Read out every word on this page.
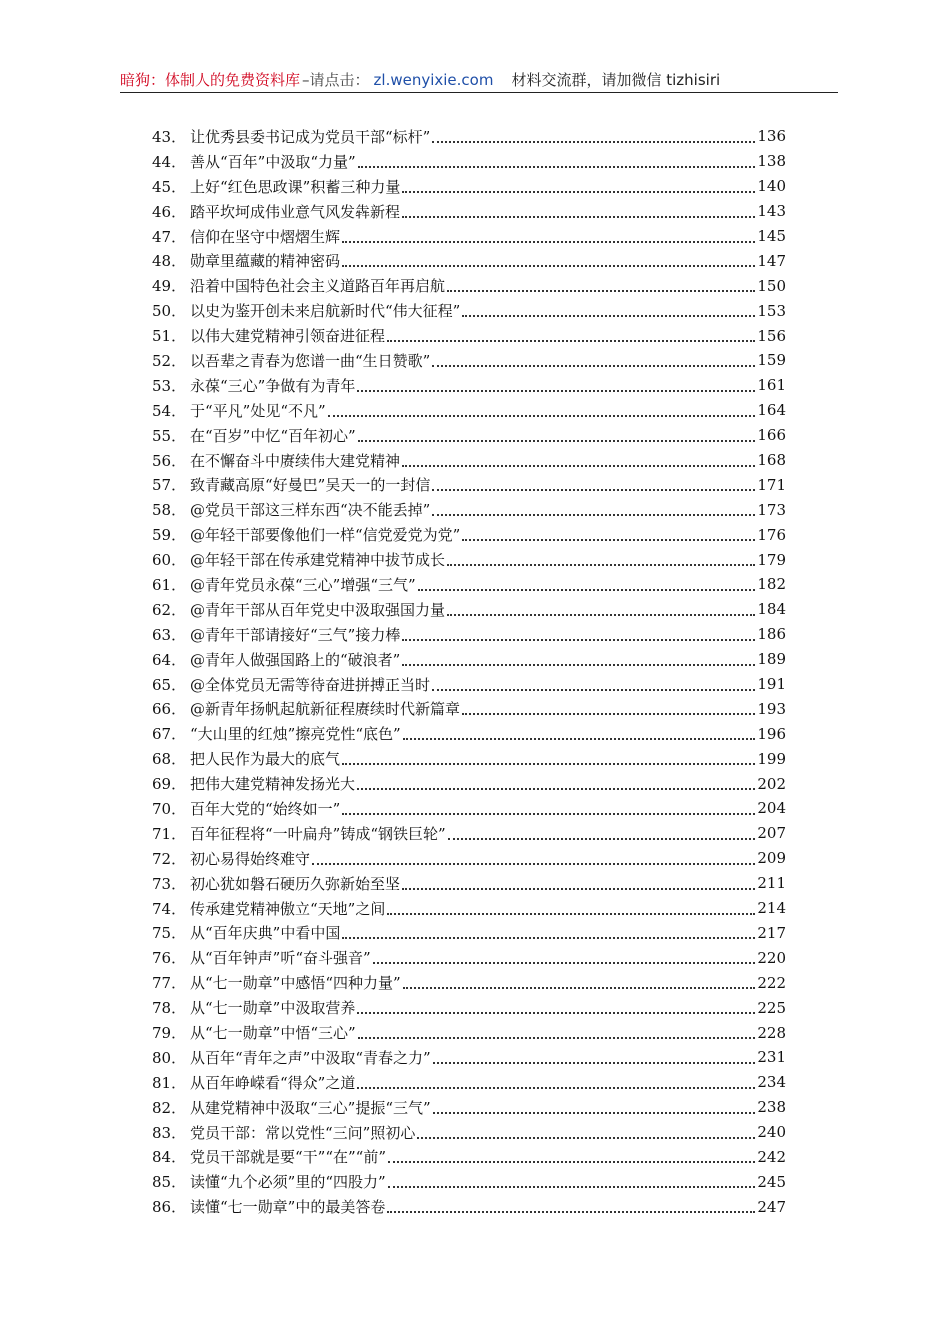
暗狗：体制人的免费资料库 –请点击： zl.wenyixie.com 材料交流群，请加微信 tizhisiri
43． 让优秀县委书记成为党员干部“标杆”	136
44． 善从“百年”中汲取“力量”	138
45． 上好“红色思政课”积蓄三种力量	140
46． 踏平坎坷成伟业意气风发犇新程	143
47． 信仰在坚守中熠熠生辉	145
48． 勋章里蕴藏的精神密码	147
49． 沿着中国特色社会主义道路百年再启航	150
50． 以史为鉴开创未来启航新时代“伟大征程”	153
51． 以伟大建党精神引领奋进征程	156
52． 以吾辈之青春为您谱一曲“生日赞歌”	159
53． 永葆“三心”争做有为青年	161
54． 于“平凡”处见“不凡”	164
55． 在“百岁”中忆“百年初心”	166
56． 在不懈奋斗中赓续伟大建党精神	168
57． 致青藏高原“好曼巴”吴天一的一封信	171
58． @党员干部这三样东西“决不能丢掉”	173
59． @年轻干部要像他们一样“信党爱党为党”	176
60． @年轻干部在传承建党精神中拔节成长	179
61． @青年党员永葆“三心”增强“三气”	182
62． @青年干部从百年党史中汲取强国力量	184
63． @青年干部请接好“三气”接力棒	186
64． @青年人做强国路上的“破浪者”	189
65． @全体党员无需等待奋进拼搏正当时	191
66． @新青年扬帆起航新征程赓续时代新篇章	193
67． “大山里的红烛”擦亮党性“底色”	196
68． 把人民作为最大的底气	199
69． 把伟大建党精神发扬光大	202
70． 百年大党的“始终如一”	204
71． 百年征程将“一叶扁舟”铸成“钢铁巨轮”	207
72． 初心易得始终难守	209
73． 初心犹如磐石硬历久弥新始至坚	211
74． 传承建党精神傲立“天地”之间	214
75． 从“百年庆典”中看中国	217
76． 从“百年钟声”听“奋斗强音”	220
77． 从“七一勋章”中感悟“四种力量”	222
78． 从“七一勋章”中汲取营养	225
79． 从“七一勋章”中悟“三心”	228
80． 从百年“青年之声”中汲取“青春之力”	231
81． 从百年峥嵘看“得众”之道	234
82． 从建党精神中汲取“三心”提振“三气”	238
83． 党员干部：常以党性“三问”照初心	240
84． 党员干部就是要“干”“在”“前”	242
85． 读懂“九个必须”里的“四股力”	245
86． 读懂“七一勋章”中的最美答卷	247
